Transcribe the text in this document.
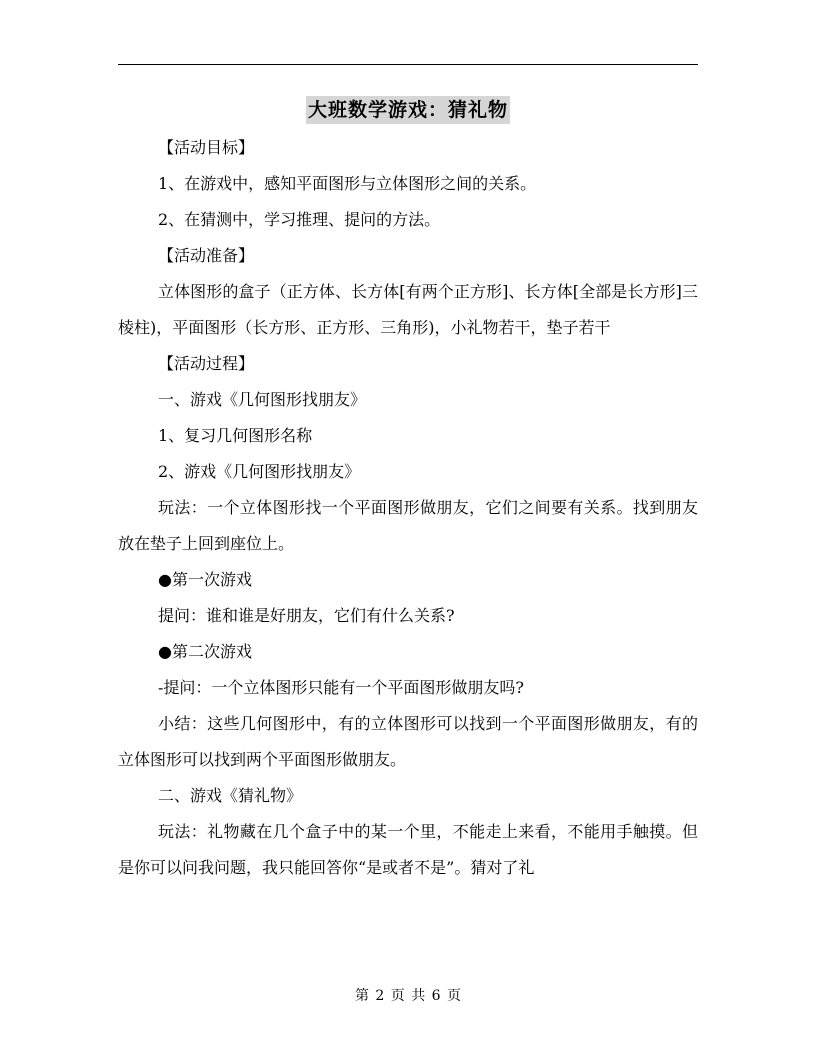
大班数学游戏：猜礼物

【活动目标】

1、在游戏中，感知平面图形与立体图形之间的关系。

2、在猜测中，学习推理、提问的方法。

【活动准备】

立体图形的盒子（正方体、长方体[有两个正方形]、长方体[全部是长方形]三棱柱)，平面图形（长方形、正方形、三角形)，小礼物若干，垫子若干

【活动过程】

一、游戏《几何图形找朋友》

1、复习几何图形名称

2、游戏《几何图形找朋友》

玩法：一个立体图形找一个平面图形做朋友，它们之间要有关系。找到朋友放在垫子上回到座位上。

●第一次游戏

提问：谁和谁是好朋友，它们有什么关系?

●第二次游戏

-提问：一个立体图形只能有一个平面图形做朋友吗?

小结：这些几何图形中，有的立体图形可以找到一个平面图形做朋友，有的立体图形可以找到两个平面图形做朋友。

二、游戏《猜礼物》

玩法：礼物藏在几个盒子中的某一个里，不能走上来看，不能用手触摸。但是你可以问我问题，我只能回答你“是或者不是”。猜对了礼

第 2 页 共 6 页
